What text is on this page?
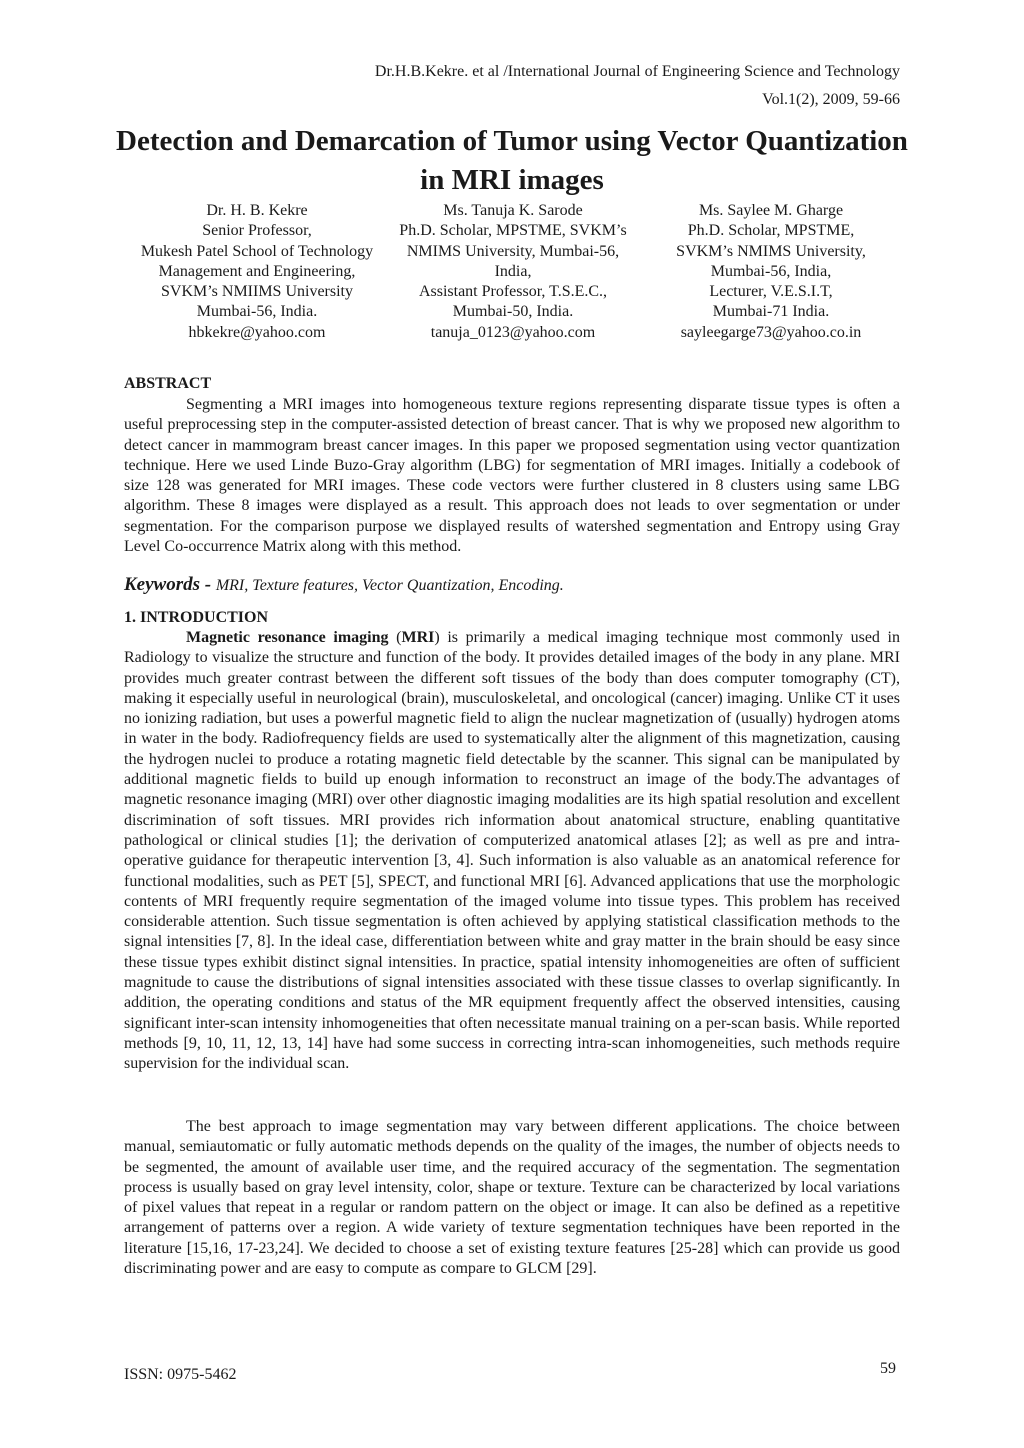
Dr.H.B.Kekre. et al /International Journal of Engineering Science and Technology
Vol.1(2), 2009, 59-66
Detection and Demarcation of Tumor using Vector Quantization
in MRI images
Dr. H. B. Kekre
Senior Professor,
Mukesh Patel School of Technology
Management and Engineering,
SVKM’s NMIIMS University
Mumbai-56, India.
hbkekre@yahoo.com
Ms. Tanuja K. Sarode
Ph.D. Scholar, MPSTME, SVKM’s
NMIMS University, Mumbai-56,
India,
Assistant Professor, T.S.E.C.,
Mumbai-50, India.
tanuja_0123@yahoo.com
Ms. Saylee M. Gharge
Ph.D. Scholar, MPSTME,
SVKM’s NMIMS University,
Mumbai-56, India,
Lecturer, V.E.S.I.T,
Mumbai-71 India.
sayleegarge73@yahoo.co.in
ABSTRACT
Segmenting a MRI images into homogeneous texture regions representing disparate tissue types is often a useful preprocessing step in the computer-assisted detection of breast cancer. That is why we proposed new algorithm to detect cancer in mammogram breast cancer images. In this paper we proposed segmentation using vector quantization technique. Here we used Linde Buzo-Gray algorithm (LBG) for segmentation of MRI images. Initially a codebook of size 128 was generated for MRI images. These code vectors were further clustered in 8 clusters using same LBG algorithm. These 8 images were displayed as a result. This approach does not leads to over segmentation or under segmentation. For the comparison purpose we displayed results of watershed segmentation and Entropy using Gray Level Co-occurrence Matrix along with this method.
Keywords - MRI, Texture features, Vector Quantization, Encoding.
1. INTRODUCTION
Magnetic resonance imaging (MRI) is primarily a medical imaging technique most commonly used in Radiology to visualize the structure and function of the body. It provides detailed images of the body in any plane. MRI provides much greater contrast between the different soft tissues of the body than does computer tomography (CT), making it especially useful in neurological (brain), musculoskeletal, and oncological (cancer) imaging. Unlike CT it uses no ionizing radiation, but uses a powerful magnetic field to align the nuclear magnetization of (usually) hydrogen atoms in water in the body. Radiofrequency fields are used to systematically alter the alignment of this magnetization, causing the hydrogen nuclei to produce a rotating magnetic field detectable by the scanner. This signal can be manipulated by additional magnetic fields to build up enough information to reconstruct an image of the body.The advantages of magnetic resonance imaging (MRI) over other diagnostic imaging modalities are its high spatial resolution and excellent discrimination of soft tissues. MRI provides rich information about anatomical structure, enabling quantitative pathological or clinical studies [1]; the derivation of computerized anatomical atlases [2]; as well as pre and intra-operative guidance for therapeutic intervention [3, 4]. Such information is also valuable as an anatomical reference for functional modalities, such as PET [5], SPECT, and functional MRI [6]. Advanced applications that use the morphologic contents of MRI frequently require segmentation of the imaged volume into tissue types. This problem has received considerable attention. Such tissue segmentation is often achieved by applying statistical classification methods to the signal intensities [7, 8]. In the ideal case, differentiation between white and gray matter in the brain should be easy since these tissue types exhibit distinct signal intensities. In practice, spatial intensity inhomogeneities are often of sufficient magnitude to cause the distributions of signal intensities associated with these tissue classes to overlap significantly. In addition, the operating conditions and status of the MR equipment frequently affect the observed intensities, causing significant inter-scan intensity inhomogeneities that often necessitate manual training on a per-scan basis. While reported methods [9, 10, 11, 12, 13, 14] have had some success in correcting intra-scan inhomogeneities, such methods require supervision for the individual scan.
The best approach to image segmentation may vary between different applications. The choice between manual, semiautomatic or fully automatic methods depends on the quality of the images, the number of objects needs to be segmented, the amount of available user time, and the required accuracy of the segmentation. The segmentation process is usually based on gray level intensity, color, shape or texture. Texture can be characterized by local variations of pixel values that repeat in a regular or random pattern on the object or image. It can also be defined as a repetitive arrangement of patterns over a region. A wide variety of texture segmentation techniques have been reported in the literature [15,16, 17-23,24]. We decided to choose a set of existing texture features [25-28] which can provide us good discriminating power and are easy to compute as compare to GLCM [29].
ISSN: 0975-5462	59
